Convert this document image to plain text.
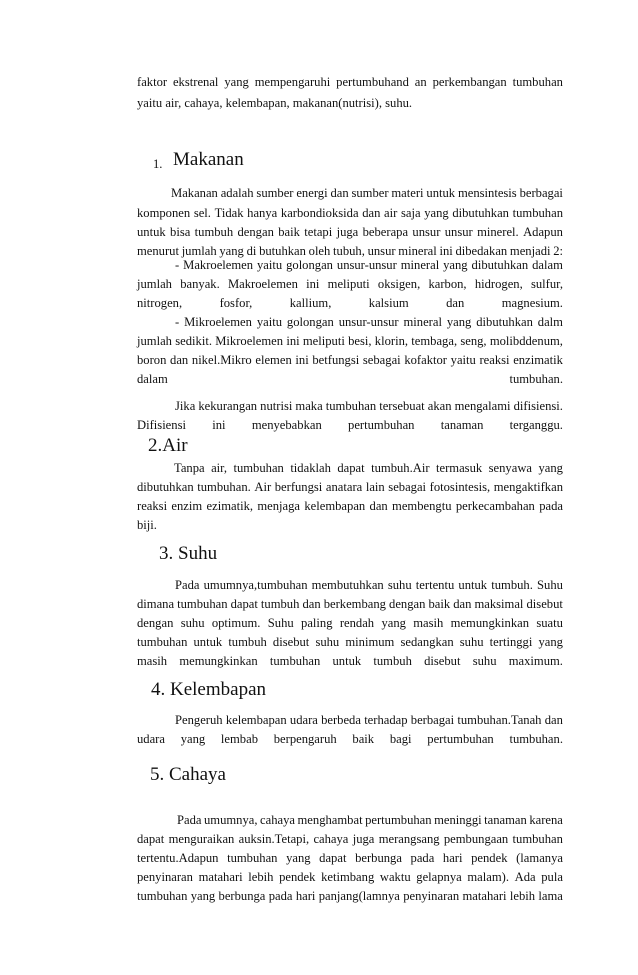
faktor ekstrenal yang mempengaruhi pertumbuhand an perkembangan tumbuhan
yaitu air, cahaya, kelembapan, makanan(nutrisi), suhu.
1. Makanan
Makanan adalah sumber energi dan sumber materi untuk mensintesis berbagai
komponen sel. Tidak hanya karbondioksida dan air saja yang dibutuhkan tumbuhan
untuk bisa tumbuh dengan baik tetapi juga beberapa unsur unsur minerel. Adapun
menurut jumlah yang di butuhkan oleh tubuh, unsur mineral ini dibedakan menjadi 2:
- Makroelemen yaitu golongan unsur-unsur mineral yang dibutuhkan dalam
jumlah banyak. Makroelemen ini meliputi oksigen, karbon, hidrogen, sulfur,
nitrogen,	fosfor,	kallium,	kalsium	dan	magnesium.
- Mikroelemen yaitu golongan unsur-unsur mineral yang dibutuhkan dalm
jumlah sedikit. Mikroelemen ini meliputi besi, klorin, tembaga, seng, molibddenum,
boron dan nikel.Mikro elemen ini betfungsi sebagai kofaktor yaitu reaksi enzimatik
dalam	tumbuhan.
Jika kekurangan nutrisi maka tumbuhan tersebuat akan mengalami difisiensi.
Difisiensi ini menyebabkan pertumbuhan tanaman terganggu.
2.Air
Tanpa air, tumbuhan tidaklah dapat tumbuh.Air termasuk senyawa yang
dibutuhkan tumbuhan. Air berfungsi anatara lain sebagai fotosintesis, mengaktifkan
reaksi enzim ezimatik, menjaga kelembapan dan membengtu perkecambahan pada
biji.
3. Suhu
Pada umumnya,tumbuhan membutuhkan suhu tertentu untuk tumbuh. Suhu
dimana tumbuhan dapat tumbuh dan berkembang dengan baik dan maksimal disebut
dengan suhu optimum. Suhu paling rendah yang masih memungkinkan suatu
tumbuhan untuk tumbuh disebut suhu minimum sedangkan suhu tertinggi yang
masih memungkinkan tumbuhan untuk tumbuh disebut suhu maximum.
4. Kelembapan
Pengeruh kelembapan udara berbeda terhadap berbagai tumbuhan.Tanah dan
udara yang lembab berpengaruh baik bagi pertumbuhan tumbuhan.
5. Cahaya
Pada umumnya, cahaya menghambat pertumbuhan meninggi tanaman karena
dapat menguraikan auksin.Tetapi, cahaya juga merangsang pembungaan tumbuhan
tertentu.Adapun tumbuhan yang dapat berbunga pada hari pendek (lamanya
penyinaran matahari lebih pendek ketimbang waktu gelapnya malam). Ada pula
tumbuhan yang berbunga pada hari panjang(lamnya penyinaran matahari lebih lama
